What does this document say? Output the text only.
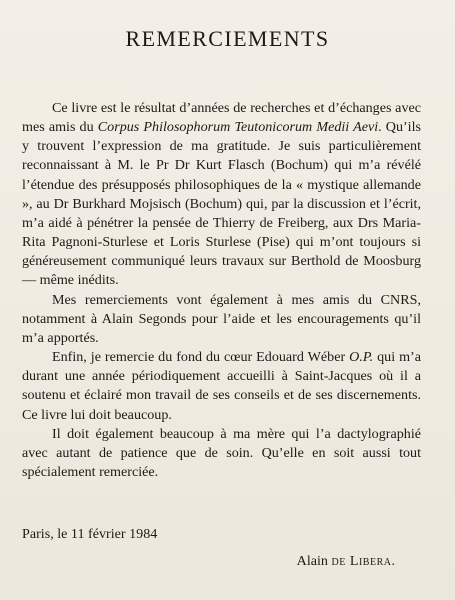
REMERCIEMENTS

Ce livre est le résultat d’années de recherches et d’échanges avec mes amis du Corpus Philosophorum Teutonicorum Medii Aevi. Qu’ils y trouvent l’expression de ma gratitude. Je suis particulièrement reconnaissant à M. le Pr Dr Kurt Flasch (Bochum) qui m’a révélé l’étendue des présupposés philosophiques de la « mystique allemande », au Dr Burkhard Mojsisch (Bochum) qui, par la discussion et l’écrit, m’a aidé à pénétrer la pensée de Thierry de Freiberg, aux Drs Maria-Rita Pagnoni-Sturlese et Loris Sturlese (Pise) qui m’ont toujours si généreusement communiqué leurs travaux sur Berthold de Moosburg — même inédits.

Mes remerciements vont également à mes amis du CNRS, notamment à Alain Segonds pour l’aide et les encouragements qu’il m’a apportés.

Enfin, je remercie du fond du cœur Edouard Wéber O.P. qui m’a durant une année périodiquement accueilli à Saint-Jacques où il a soutenu et éclairé mon travail de ses conseils et de ses discernements. Ce livre lui doit beaucoup.

Il doit également beaucoup à ma mère qui l’a dactylographié avec autant de patience que de soin. Qu’elle en soit aussi tout spécialement remerciée.

Paris, le 11 février 1984
Alain de Libera.
